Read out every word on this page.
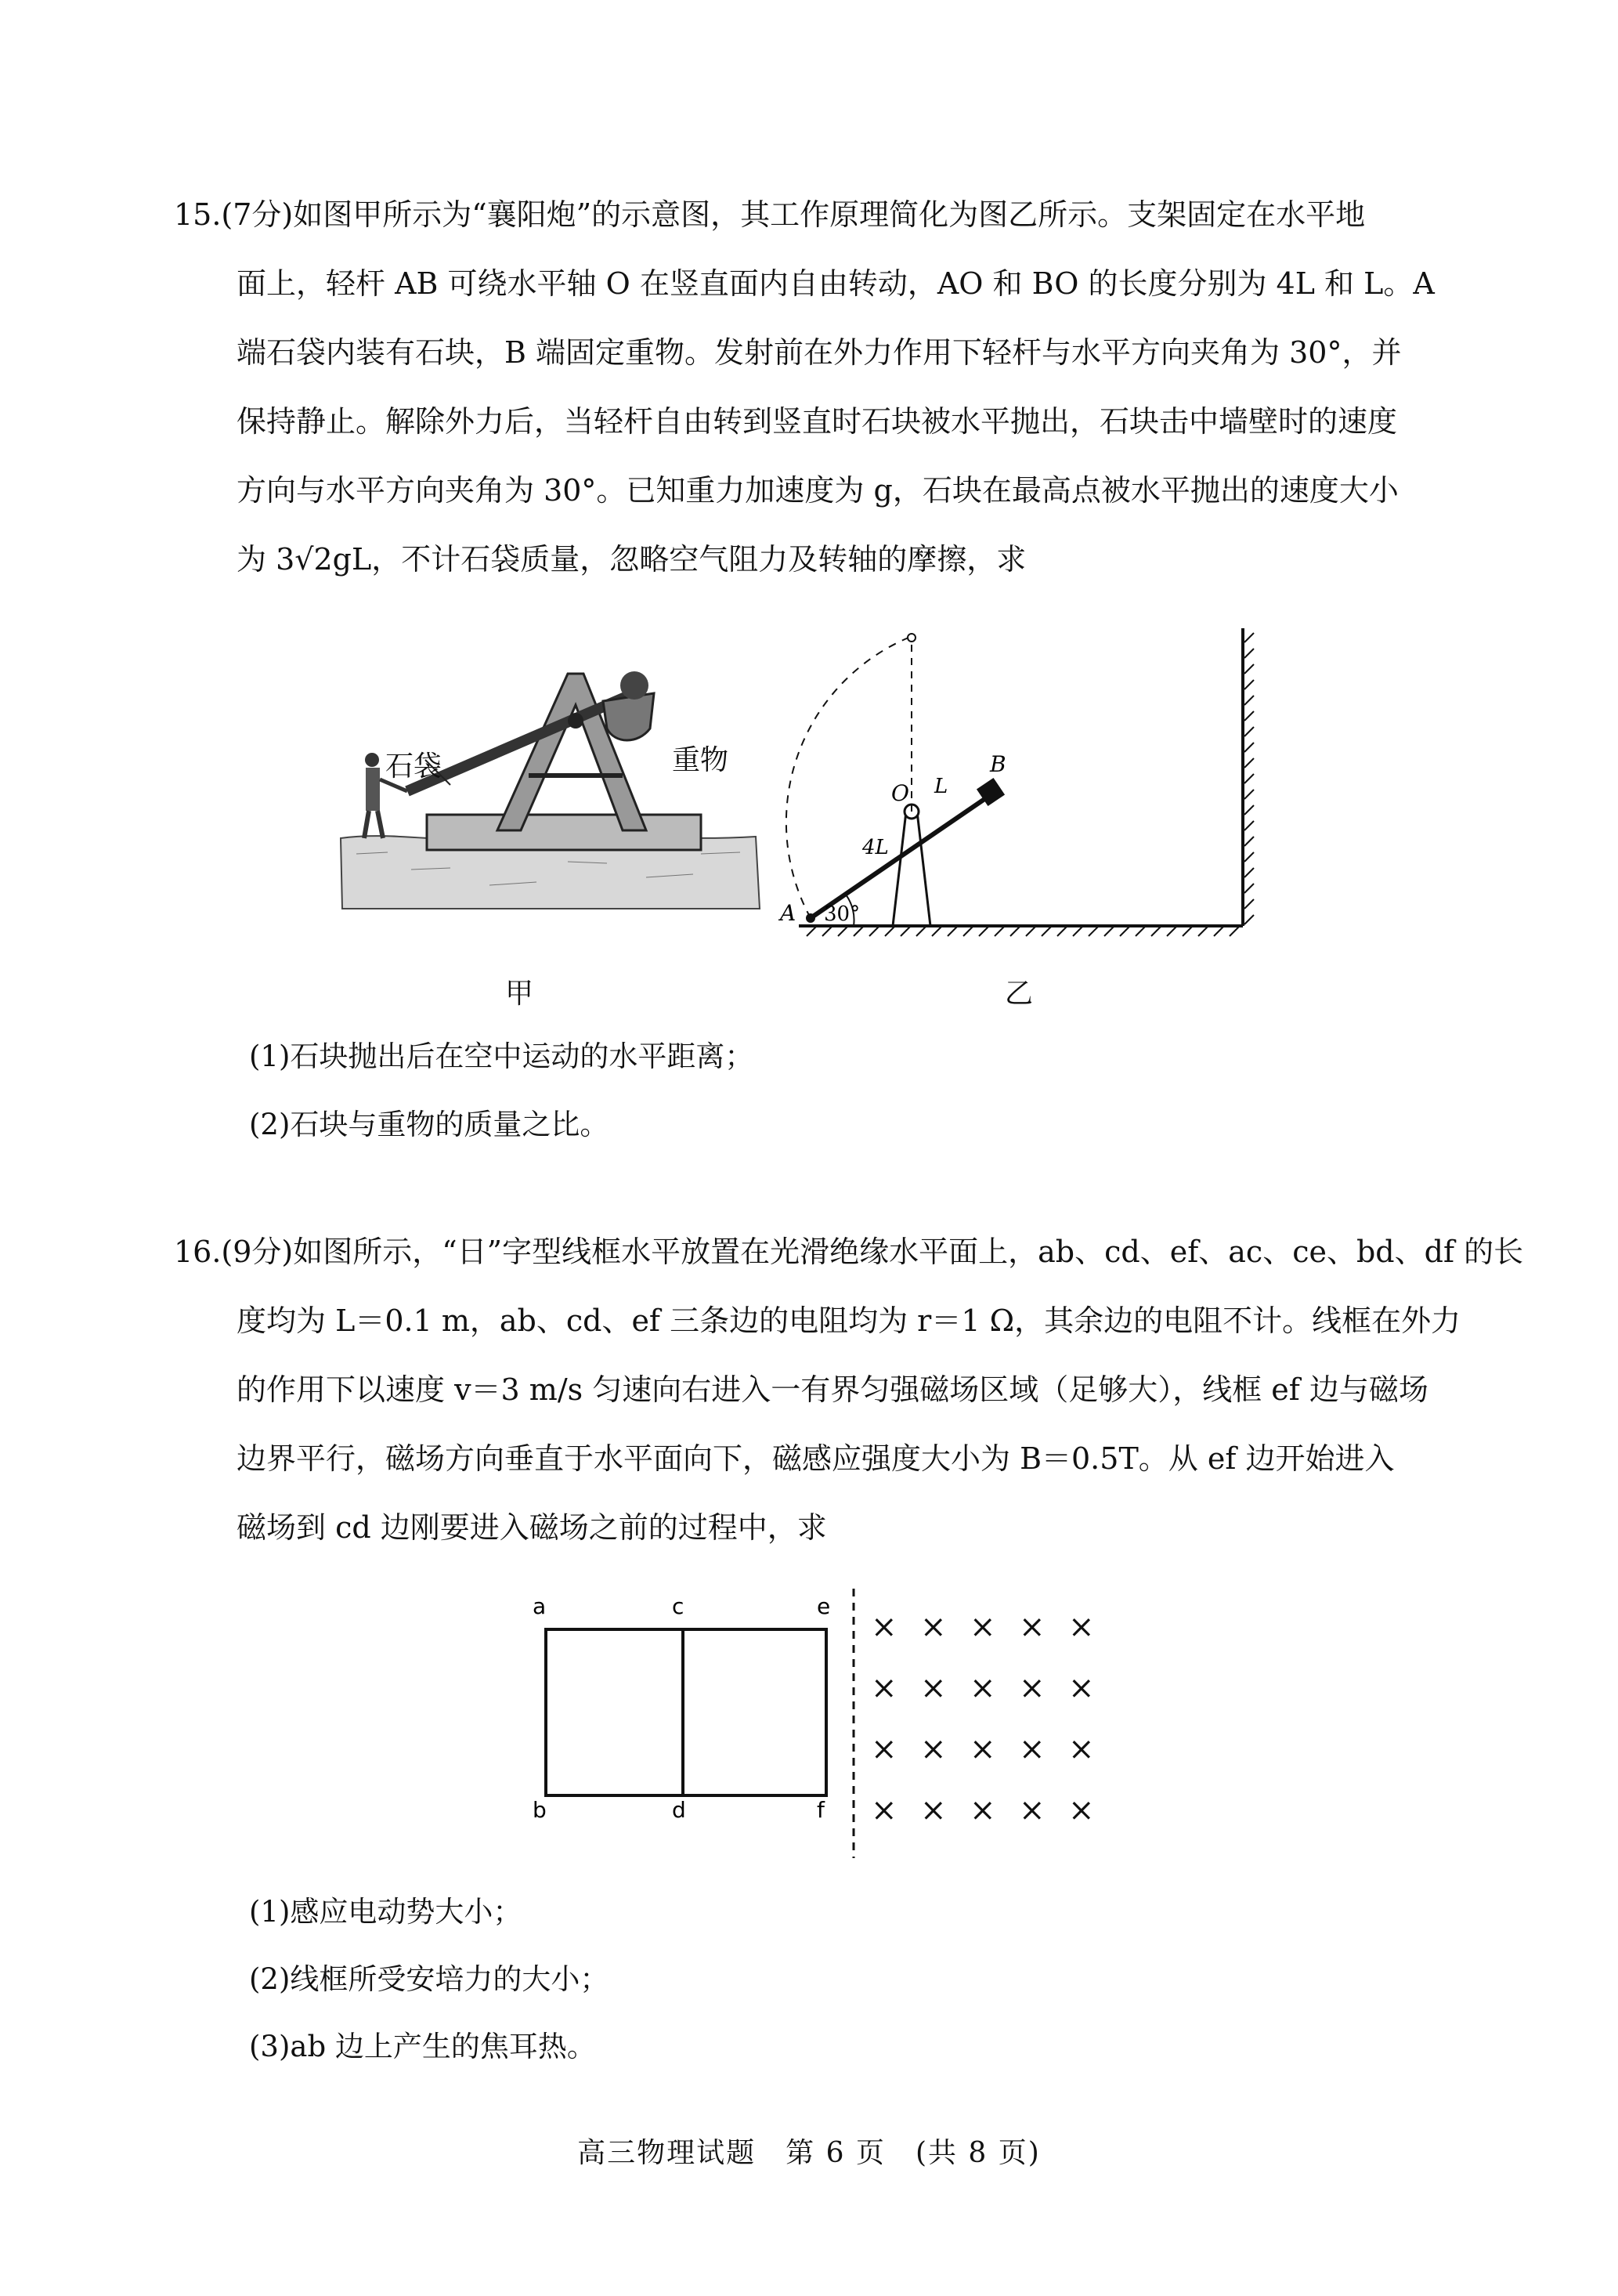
15.(7分)如图甲所示为“襄阳炮”的示意图，其工作原理简化为图乙所示。支架固定在水平地
面上，轻杆 AB 可绕水平轴 O 在竖直面内自由转动，AO 和 BO 的长度分别为 4L 和 L。A
端石袋内装有石块，B 端固定重物。发射前在外力作用下轻杆与水平方向夹角为 30°，并
保持静止。解除外力后，当轻杆自由转到竖直时石块被水平抛出，石块击中墙壁时的速度
方向与水平方向夹角为 30°。已知重力加速度为 g，石块在最高点被水平抛出的速度大小
为 3√2gL，不计石袋质量，忽略空气阻力及转轴的摩擦，求
石袋	重物
甲
30°
A
4L
O L
B
乙
(1)石块抛出后在空中运动的水平距离；
(2)石块与重物的质量之比。
16.(9分)如图所示，“日”字型线框水平放置在光滑绝缘水平面上，ab、cd、ef、ac、ce、bd、df 的长
度均为 L＝0.1 m，ab、cd、ef 三条边的电阻均为 r＝1 Ω，其余边的电阻不计。线框在外力
的作用下以速度 v＝3 m/s 匀速向右进入一有界匀强磁场区域（足够大），线框 ef 边与磁场
边界平行，磁场方向垂直于水平面向下，磁感应强度大小为 B＝0.5T。从 ef 边开始进入
磁场到 cd 边刚要进入磁场之前的过程中，求
a
b
c
d
e
f
× × × × ×
× × × × ×
× × × × ×
× × × × ×
(1)感应电动势大小；
(2)线框所受安培力的大小；
(3)ab 边上产生的焦耳热。
高三物理试题　第 6 页　(共 8 页)
